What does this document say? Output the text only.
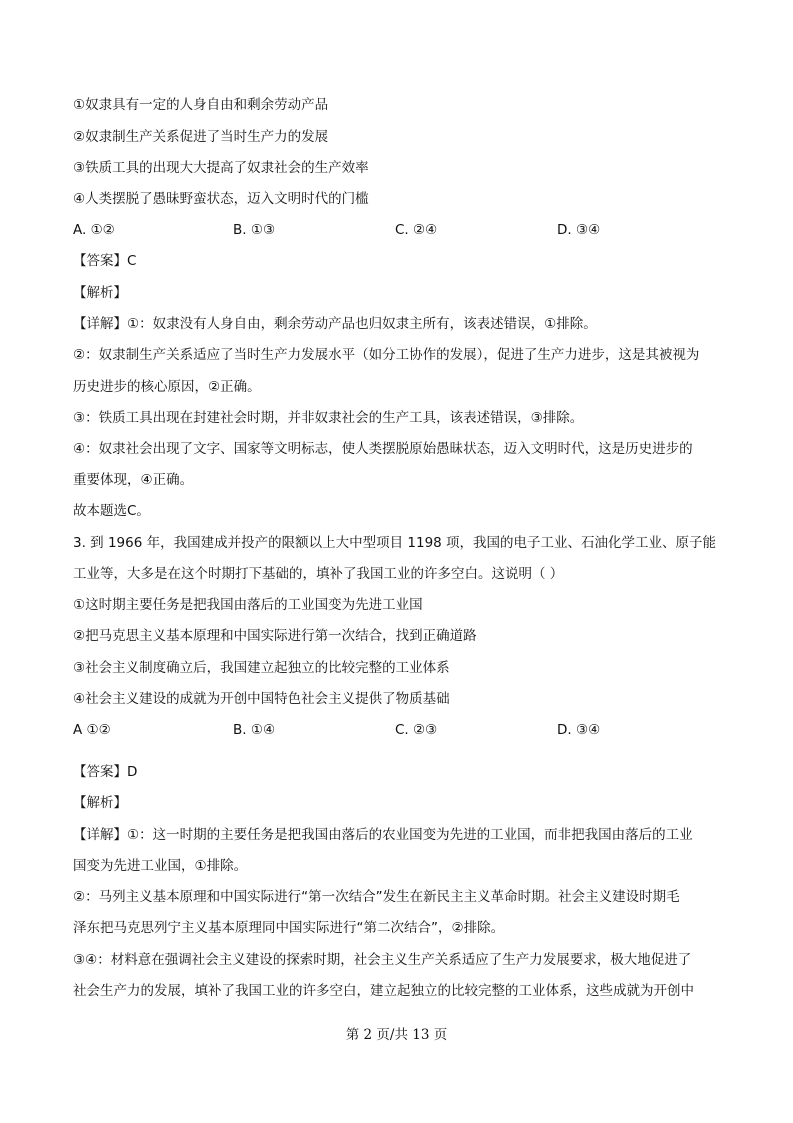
①奴隶具有一定的人身自由和剩余劳动产品
②奴隶制生产关系促进了当时生产力的发展
③铁质工具的出现大大提高了奴隶社会的生产效率
④人类摆脱了愚昧野蛮状态，迈入文明时代的门槛
A. ①②	B. ①③	C. ②④	D. ③④
【答案】C
【解析】
【详解】①：奴隶没有人身自由，剩余劳动产品也归奴隶主所有，该表述错误，①排除。
②：奴隶制生产关系适应了当时生产力发展水平（如分工协作的发展），促进了生产力进步，这是其被视为
历史进步的核心原因，②正确。
③：铁质工具出现在封建社会时期，并非奴隶社会的生产工具，该表述错误，③排除。
④：奴隶社会出现了文字、国家等文明标志，使人类摆脱原始愚昧状态，迈入文明时代，这是历史进步的
重要体现，④正确。
故本题选C。
3. 到 1966 年，我国建成并投产的限额以上大中型项目 1198 项，我国的电子工业、石油化学工业、原子能
工业等，大多是在这个时期打下基础的，填补了我国工业的许多空白。这说明（ ）
①这时期主要任务是把我国由落后的工业国变为先进工业国
②把马克思主义基本原理和中国实际进行第一次结合，找到正确道路
③社会主义制度确立后，我国建立起独立的比较完整的工业体系
④社会主义建设的成就为开创中国特色社会主义提供了物质基础
A ①②	B. ①④	C. ②③	D. ③④
【答案】D
【解析】
【详解】①：这一时期的主要任务是把我国由落后的农业国变为先进的工业国，而非把我国由落后的工业
国变为先进工业国，①排除。
②：马列主义基本原理和中国实际进行“第一次结合”发生在新民主主义革命时期。社会主义建设时期毛
泽东把马克思列宁主义基本原理同中国实际进行“第二次结合”，②排除。
③④：材料意在强调社会主义建设的探索时期，社会主义生产关系适应了生产力发展要求，极大地促进了
社会生产力的发展，填补了我国工业的许多空白，建立起独立的比较完整的工业体系，这些成就为开创中
第 2 页/共 13 页
